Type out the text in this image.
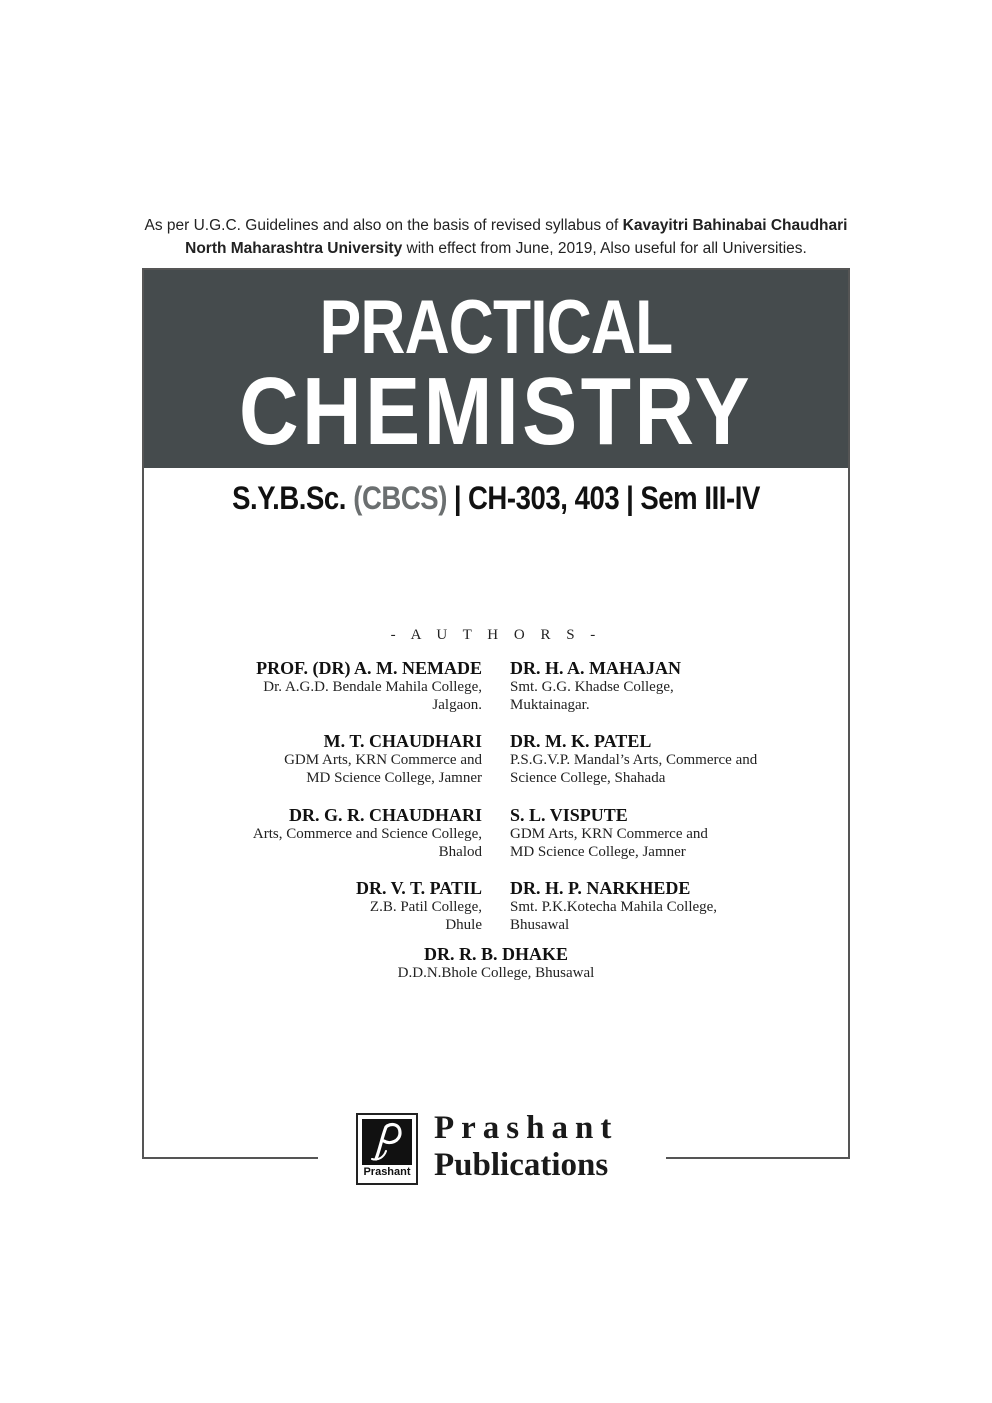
As per U.G.C. Guidelines and also on the basis of revised syllabus of Kavayitri Bahinabai Chaudhari
North Maharashtra University with effect from June, 2019, Also useful for all Universities.
PRACTICAL
CHEMISTRY
S.Y.B.Sc. (CBCS) | CH-303, 403 | Sem III-IV
- A U T H O R S -
PROF. (DR) A. M. NEMADE
Dr. A.G.D. Bendale Mahila College,
Jalgaon.
M. T. CHAUDHARI
GDM Arts, KRN Commerce and
MD Science College, Jamner
DR. G. R. CHAUDHARI
Arts, Commerce and Science College,
Bhalod
DR. V. T. PATIL
Z.B. Patil College,
Dhule
DR. H. A. MAHAJAN
Smt. G.G. Khadse College,
Muktainagar.
DR. M. K. PATEL
P.S.G.V.P. Mandal’s Arts, Commerce and
Science College, Shahada
S. L. VISPUTE
GDM Arts, KRN Commerce and
MD Science College, Jamner
DR. H. P. NARKHEDE
Smt. P.K.Kotecha Mahila College,
Bhusawal
DR. R. B. DHAKE
D.D.N.Bhole College, Bhusawal
Prashant
Prashant
Publications
